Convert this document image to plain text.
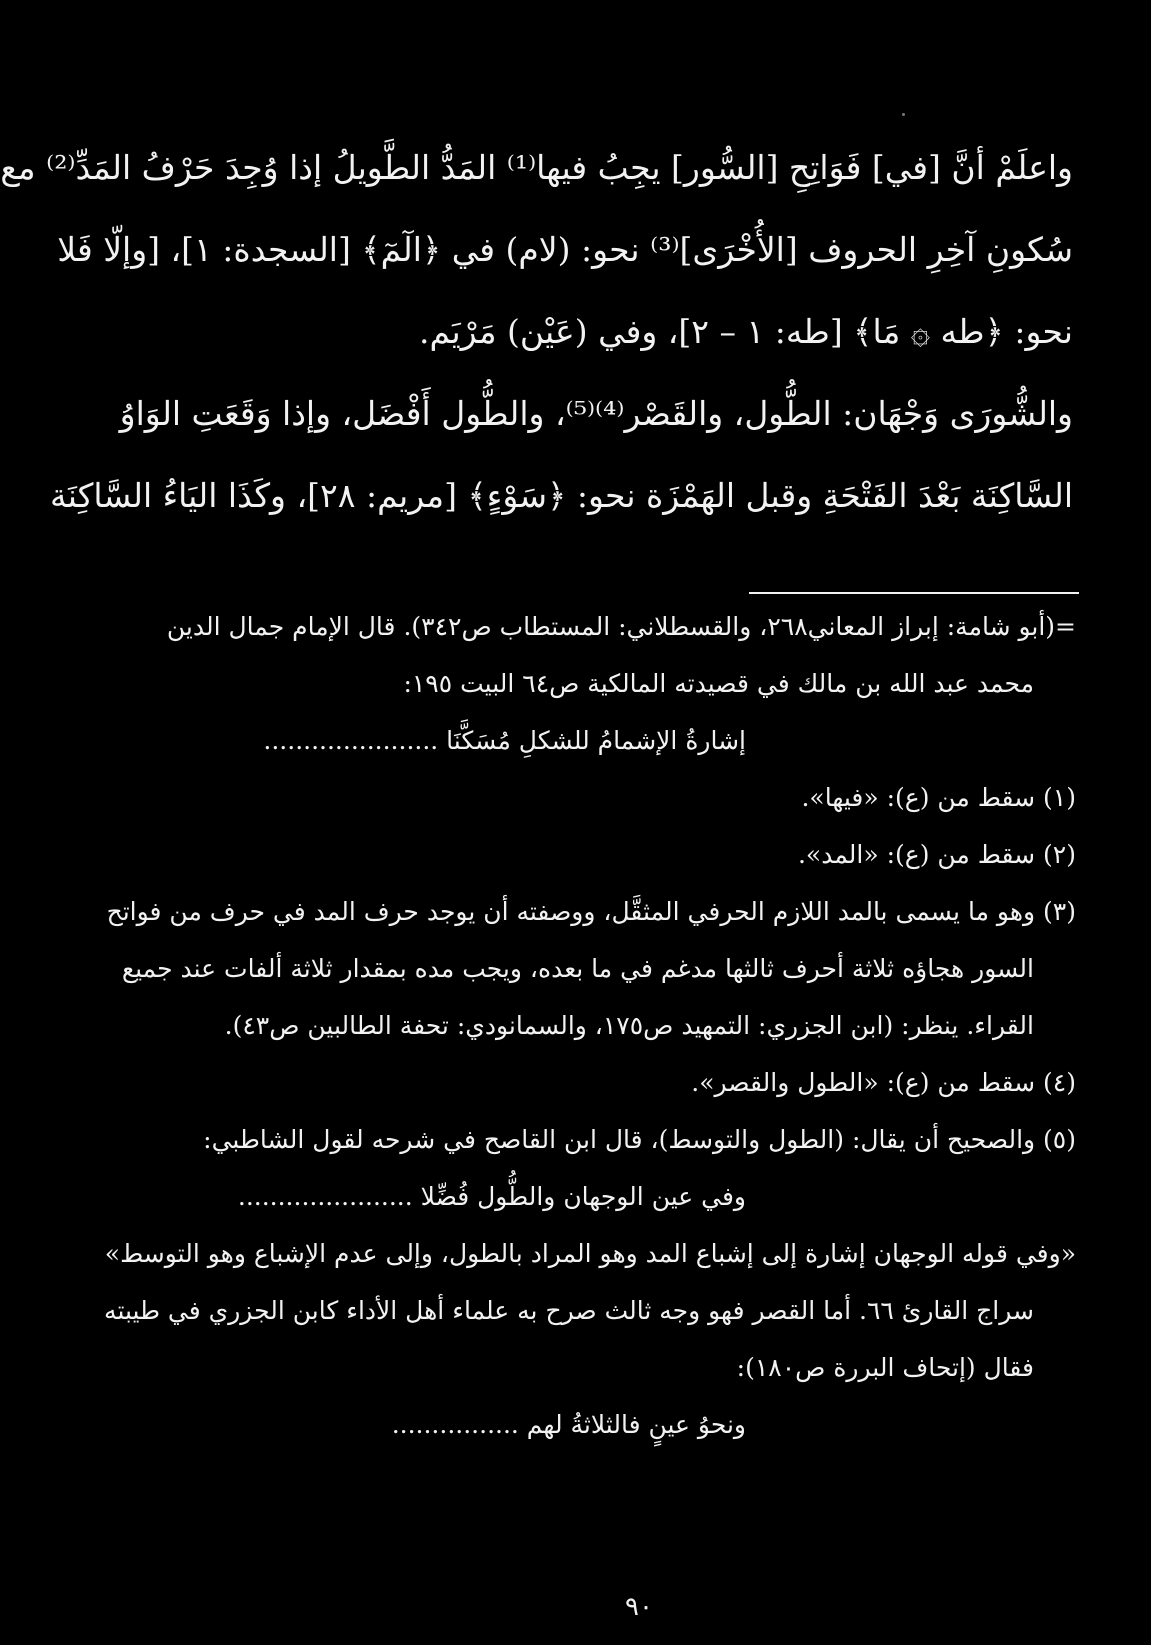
واعلَمْ أنَّ [في] فَوَاتِحِ [السُّور] يجِبُ فيها⁽¹⁾ المَدُّ الطَّويلُ إذا وُجِدَ حَرْفُ المَدِّ⁽²⁾ مع
سُكونِ آخِرِ الحروف [الأُخْرَى]⁽³⁾ نحو: (لام) في ﴿الٓمٓ﴾ [السجدة: ١]، [وإلّا فَلا
نحو: ﴿طه ۞ مَا﴾ [طه: ١ – ٢]، وفي (عَيْن) مَرْيَم.
والشُّورَى وَجْهَان: الطُّول، والقَصْر⁽⁴⁾⁽⁵⁾، والطُّول أَفْضَل، وإذا وَقَعَتِ الوَاوُ
السَّاكِنَة بَعْدَ الفَتْحَةِ وقبل الهَمْزَة نحو: ﴿سَوْءٍ﴾ [مريم: ٢٨]، وكَذَا اليَاءُ السَّاكِنَة
=(أبو شامة: إبراز المعاني٢٦٨، والقسطلاني: المستطاب ص٣٤٢). قال الإمام جمال الدين
محمد عبد الله بن مالك في قصيدته المالكية ص٦٤ البيت ١٩٥:
إشارةُ الإشمامُ للشكلِ مُسَكَّنَا ......................
(١) سقط من (ع): «فيها».
(٢) سقط من (ع): «المد».
(٣) وهو ما يسمى بالمد اللازم الحرفي المثقَّل، ووصفته أن يوجد حرف المد في حرف من فواتح
السور هجاؤه ثلاثة أحرف ثالثها مدغم في ما بعده، ويجب مده بمقدار ثلاثة ألفات عند جميع
القراء. ينظر: (ابن الجزري: التمهيد ص١٧٥، والسمانودي: تحفة الطالبين ص٤٣).
(٤) سقط من (ع): «الطول والقصر».
(٥) والصحيح أن يقال: (الطول والتوسط)، قال ابن القاصح في شرحه لقول الشاطبي:
وفي عين الوجهان والطُّول فُضِّلا ......................
«وفي قوله الوجهان إشارة إلى إشباع المد وهو المراد بالطول، وإلى عدم الإشباع وهو التوسط»
سراج القارئ ٦٦. أما القصر فهو وجه ثالث صرح به علماء أهل الأداء كابن الجزري في طيبته
فقال (إتحاف البررة ص١٨٠):
ونحوُ عينٍ فالثلاثةُ لهم ................
٩٠
